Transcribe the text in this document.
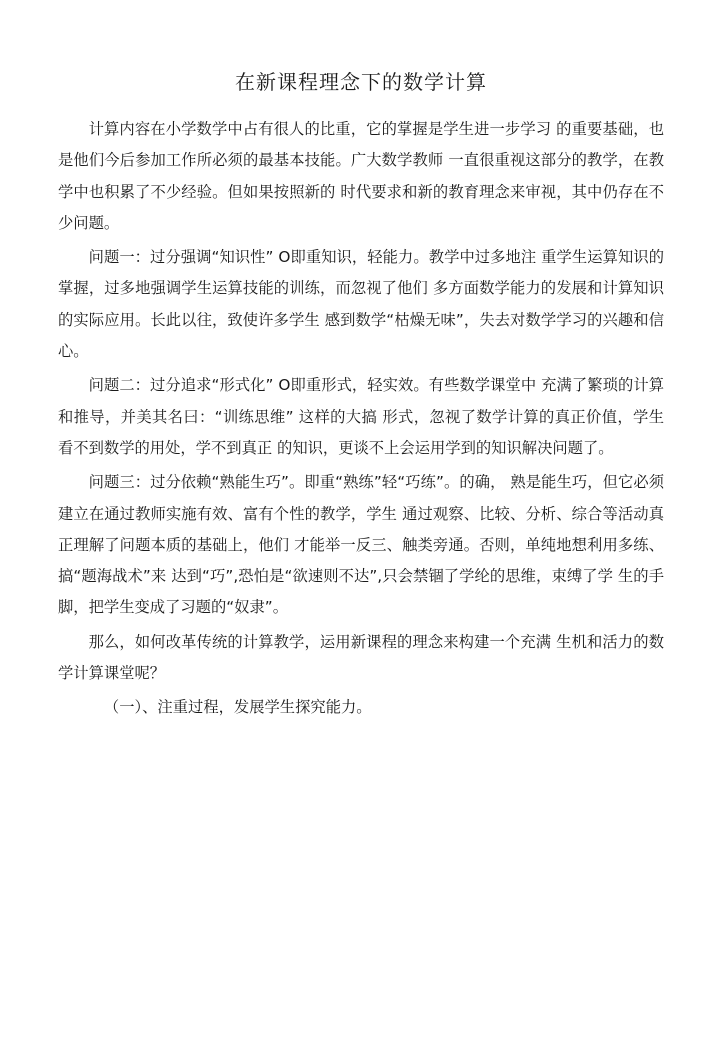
在新课程理念下的数学计算

计算内容在小学数学中占有很人的比重，它的掌握是学生进一步学习 的重要基础，也是他们今后参加工作所必须的最基本技能。广大数学教师 一直很重视这部分的教学，在教学中也积累了不少经验。但如果按照新的 时代要求和新的教育理念来审视，其中仍存在不少问题。

问题一：过分强调“知识性” O即重知识，轻能力。教学中过多地注 重学生运算知识的掌握，过多地强调学生运算技能的训练，而忽视了他们 多方面数学能力的发展和计算知识的实际应用。长此以往，致使许多学生 感到数学“枯燥无味”，失去对数学学习的兴趣和信心。

问题二：过分追求“形式化” O即重形式，轻实效。有些数学课堂中 充满了繁琐的计算和推导，并美其名曰：“训练思维” 这样的大搞 形式，忽视了数学计算的真正价值，学生看不到数学的用处，学不到真正 的知识，更谈不上会运用学到的知识解决问题了。

问题三：过分依赖“熟能生巧”。即重“熟练”轻“巧练”。的确， 熟是能生巧，但它必须建立在通过教师实施有效、富有个性的教学，学生 通过观察、比较、分析、综合等活动真正理解了问题本质的基础上，他们 才能举一反三、触类旁通。否则，单纯地想利用多练、搞“题海战术”来 达到“巧”,恐怕是“欲速则不达”,只会禁锢了学纶的思维，束缚了学 生的手脚，把学生变成了习题的“奴隶”。

那么，如何改革传统的计算教学，运用新课程的理念来构建一个充满 生机和活力的数学计算课堂呢？

（一）、注重过程，发展学生探究能力。
